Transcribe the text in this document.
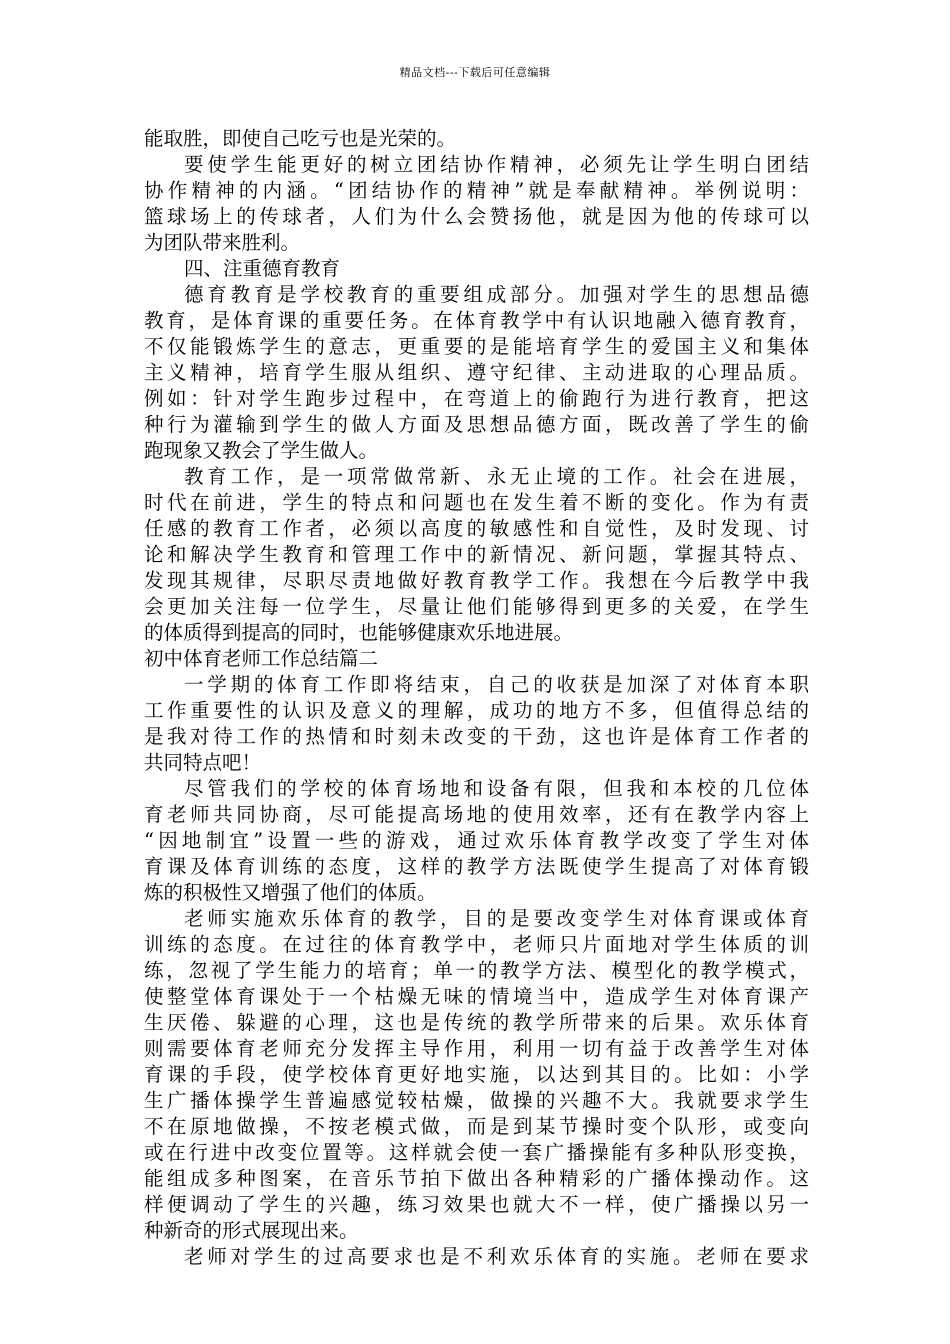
精品文档---下载后可任意编辑
能取胜，即使自己吃亏也是光荣的。
要使学生能更好的树立团结协作精神，必须先让学生明白团结
协作精神的内涵。“团结协作的精神”就是奉献精神。举例说明：
篮球场上的传球者，人们为什么会赞扬他，就是因为他的传球可以
为团队带来胜利。
四、注重德育教育
德育教育是学校教育的重要组成部分。加强对学生的思想品德
教育，是体育课的重要任务。在体育教学中有认识地融入德育教育，
不仅能锻炼学生的意志，更重要的是能培育学生的爱国主义和集体
主义精神，培育学生服从组织、遵守纪律、主动进取的心理品质。
例如：针对学生跑步过程中，在弯道上的偷跑行为进行教育，把这
种行为灌输到学生的做人方面及思想品德方面，既改善了学生的偷
跑现象又教会了学生做人。
教育工作，是一项常做常新、永无止境的工作。社会在进展，
时代在前进，学生的特点和问题也在发生着不断的变化。作为有责
任感的教育工作者，必须以高度的敏感性和自觉性，及时发现、讨
论和解决学生教育和管理工作中的新情况、新问题，掌握其特点、
发现其规律，尽职尽责地做好教育教学工作。我想在今后教学中我
会更加关注每一位学生，尽量让他们能够得到更多的关爱，在学生
的体质得到提高的同时，也能够健康欢乐地进展。
初中体育老师工作总结篇二
一学期的体育工作即将结束，自己的收获是加深了对体育本职
工作重要性的认识及意义的理解，成功的地方不多，但值得总结的
是我对待工作的热情和时刻未改变的干劲，这也许是体育工作者的
共同特点吧！
尽管我们的学校的体育场地和设备有限，但我和本校的几位体
育老师共同协商，尽可能提高场地的使用效率，还有在教学内容上
“因地制宜”设置一些的游戏，通过欢乐体育教学改变了学生对体
育课及体育训练的态度，这样的教学方法既使学生提高了对体育锻
炼的积极性又增强了他们的体质。
老师实施欢乐体育的教学，目的是要改变学生对体育课或体育
训练的态度。在过往的体育教学中，老师只片面地对学生体质的训
练，忽视了学生能力的培育；单一的教学方法、模型化的教学模式，
使整堂体育课处于一个枯燥无味的情境当中，造成学生对体育课产
生厌倦、躲避的心理，这也是传统的教学所带来的后果。欢乐体育
则需要体育老师充分发挥主导作用，利用一切有益于改善学生对体
育课的手段，使学校体育更好地实施，以达到其目的。比如：小学
生广播体操学生普遍感觉较枯燥，做操的兴趣不大。我就要求学生
不在原地做操，不按老模式做，而是到某节操时变个队形，或变向
或在行进中改变位置等。这样就会使一套广播操能有多种队形变换，
能组成多种图案，在音乐节拍下做出各种精彩的广播体操动作。这
样便调动了学生的兴趣，练习效果也就大不一样，使广播操以另一
种新奇的形式展现出来。
老师对学生的过高要求也是不利欢乐体育的实施。老师在要求
